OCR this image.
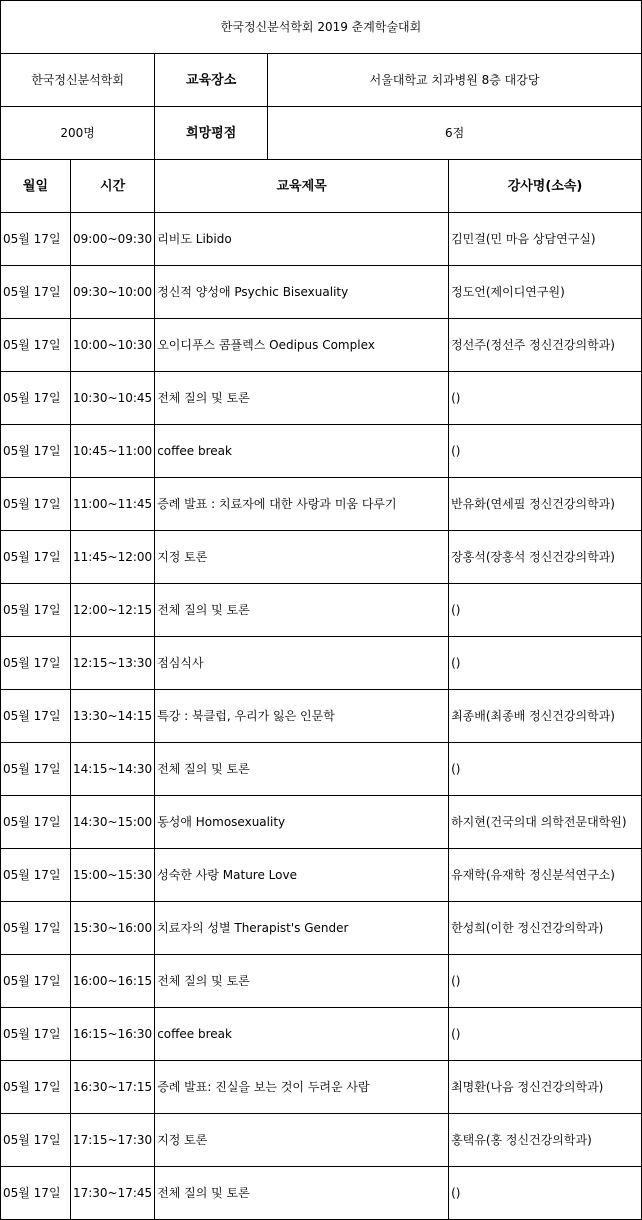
한국정신분석학회 2019 춘계학술대회				
한국정신분석학회		교육장소	서울대학교 치과병원 8층 대강당	
200명		희망평점	6점	
월일	시간	교육제목		강사명(소속)
05월 17일	09:00~09:30	리비도 Libido		김민걸(민 마음 상담연구실)
05월 17일	09:30~10:00	정신적 양성애 Psychic Bisexuality		정도언(제이디연구원)
05월 17일	10:00~10:30	오이디푸스 콤플렉스 Oedipus Complex		정선주(정선주 정신건강의학과)
05월 17일	10:30~10:45	전체 질의 및 토론		()
05월 17일	10:45~11:00	coffee break		()
05월 17일	11:00~11:45	증례 발표 : 치료자에 대한 사랑과 미움 다루기		반유화(연세필 정신건강의학과)
05월 17일	11:45~12:00	지정 토론		장홍석(장홍석 정신건강의학과)
05월 17일	12:00~12:15	전체 질의 및 토론		()
05월 17일	12:15~13:30	점심식사		()
05월 17일	13:30~14:15	특강 : 북클럽, 우리가 잃은 인문학		최종배(최종배 정신건강의학과)
05월 17일	14:15~14:30	전체 질의 및 토론		()
05월 17일	14:30~15:00	동성애 Homosexuality		하지현(건국의대 의학전문대학원)
05월 17일	15:00~15:30	성숙한 사랑 Mature Love		유재학(유재학 정신분석연구소)
05월 17일	15:30~16:00	치료자의 성별 Therapist's Gender		한성희(이한 정신건강의학과)
05월 17일	16:00~16:15	전체 질의 및 토론		()
05월 17일	16:15~16:30	coffee break		()
05월 17일	16:30~17:15	증례 발표: 진실을 보는 것이 두려운 사람		최명환(나음 정신건강의학과)
05월 17일	17:15~17:30	지정 토론		홍택유(홍 정신건강의학과)
05월 17일	17:30~17:45	전체 질의 및 토론		()
